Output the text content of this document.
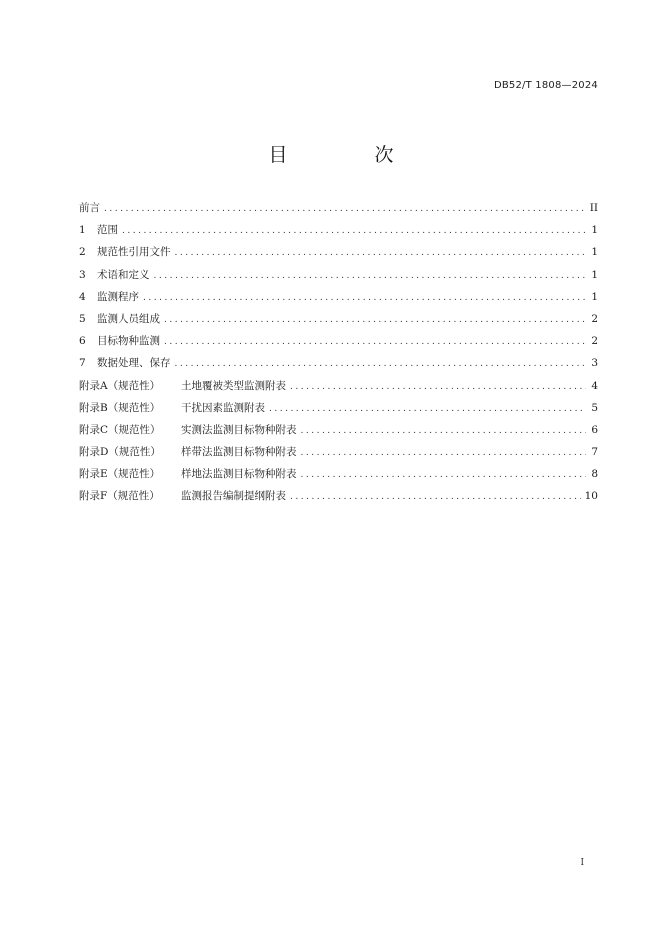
DB52/T 1808—2024
目　次
前言 .....	II
1	范围 .....	1
2	规范性引用文件 .....	1
3	术语和定义 .....	1
4	监测程序 .....	1
5	监测人员组成 .....	2
6	目标物种监测 .....	2
7	数据处理、保存 .....	3
附录A（规范性）	土地覆被类型监测附表 .....	4
附录B（规范性）	干扰因素监测附表 .....	5
附录C（规范性）	实测法监测目标物种附表 .....	6
附录D（规范性）	样带法监测目标物种附表 .....	7
附录E（规范性）	样地法监测目标物种附表 .....	8
附录F（规范性）	监测报告编制提纲附表 .....	10
I
